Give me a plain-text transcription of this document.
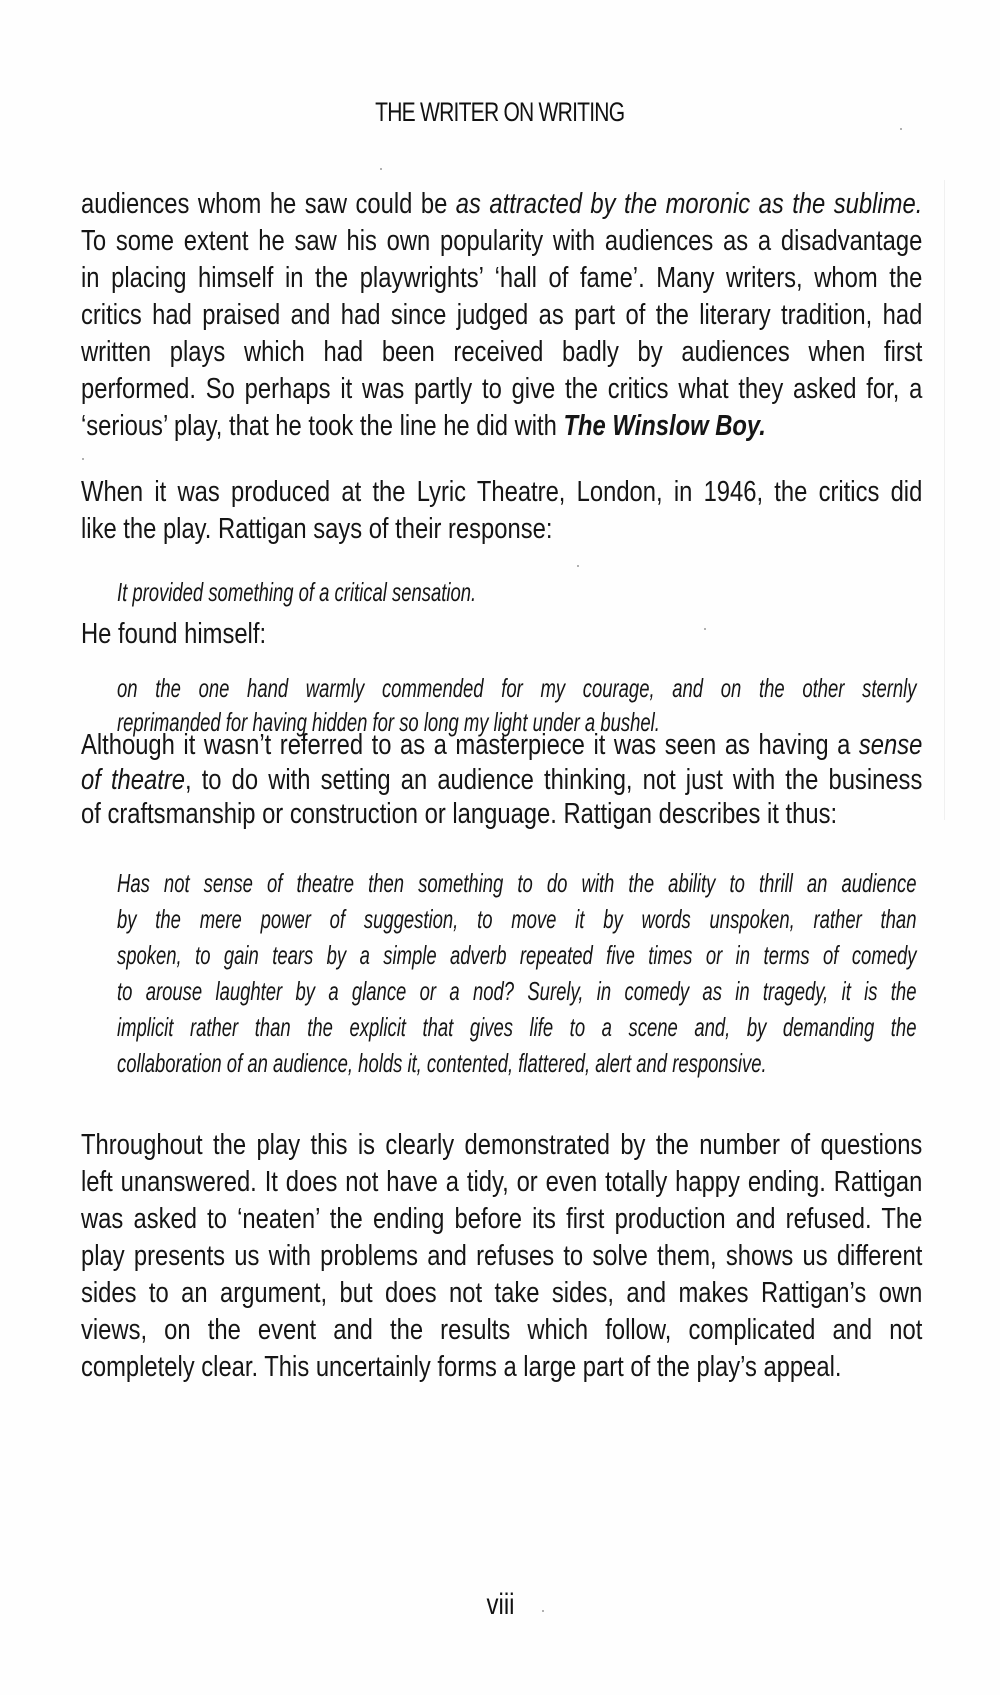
THE WRITER ON WRITING
audiences whom he saw could be as attracted by the moronic as the sublime.
To some extent he saw his own popularity with audiences as a disadvantage
in placing himself in the playwrights’ ‘hall of fame’. Many writers, whom the
critics had praised and had since judged as part of the literary tradition, had
written plays which had been received badly by audiences when first
performed. So perhaps it was partly to give the critics what they asked for, a
‘serious’ play, that he took the line he did with The Winslow Boy.
When it was produced at the Lyric Theatre, London, in 1946, the critics did
like the play. Rattigan says of their response:
It provided something of a critical sensation.
He found himself:
on the one hand warmly commended for my courage, and on the other sternly
reprimanded for having hidden for so long my light under a bushel.
Although it wasn’t referred to as a masterpiece it was seen as having a sense
of theatre, to do with setting an audience thinking, not just with the business
of craftsmanship or construction or language. Rattigan describes it thus:
Has not sense of theatre then something to do with the ability to thrill an audience
by the mere power of suggestion, to move it by words unspoken, rather than
spoken, to gain tears by a simple adverb repeated five times or in terms of comedy
to arouse laughter by a glance or a nod? Surely, in comedy as in tragedy, it is the
implicit rather than the explicit that gives life to a scene and, by demanding the
collaboration of an audience, holds it, contented, flattered, alert and responsive.
Throughout the play this is clearly demonstrated by the number of questions
left unanswered. It does not have a tidy, or even totally happy ending. Rattigan
was asked to ‘neaten’ the ending before its first production and refused. The
play presents us with problems and refuses to solve them, shows us different
sides to an argument, but does not take sides, and makes Rattigan’s own
views, on the event and the results which follow, complicated and not
completely clear. This uncertainly forms a large part of the play’s appeal.
viii
